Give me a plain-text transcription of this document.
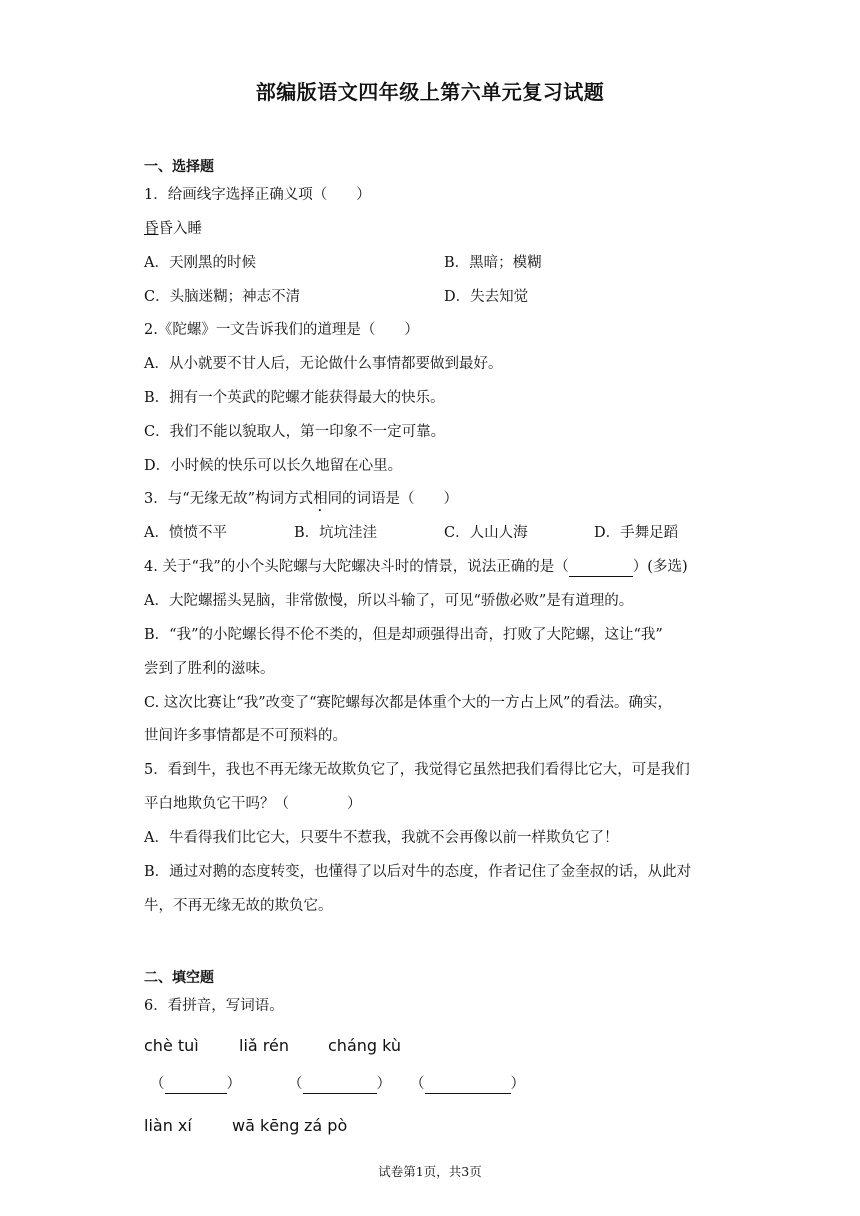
部编版语文四年级上第六单元复习试题
一、选择题
1．给画线字选择正确义项（　　）
昏昏入睡
A．天刚黑的时候	B．黑暗；模糊
C．头脑迷糊；神志不清	D．失去知觉
2.《陀螺》一文告诉我们的道理是（　　）
A．从小就要不甘人后，无论做什么事情都要做到最好。
B．拥有一个英武的陀螺才能获得最大的快乐。
C．我们不能以貌取人，第一印象不一定可靠。
D．小时候的快乐可以长久地留在心里。
3．与“无缘无故”构词方式相同的词语是（　　）
A．愤愤不平	B．坑坑洼洼	C．人山人海	D．手舞足蹈
4. 关于“我”的小个头陀螺与大陀螺决斗时的情景，说法正确的是（	）(多选)
A．大陀螺摇头晃脑，非常傲慢，所以斗输了，可见“骄傲必败”是有道理的。
B．“我”的小陀螺长得不伦不类的，但是却顽强得出奇，打败了大陀螺，这让“我”
尝到了胜利的滋味。
C. 这次比赛让“我”改变了“赛陀螺每次都是体重个大的一方占上风”的看法。确实，
世间许多事情都是不可预料的。
5．看到牛，我也不再无缘无故欺负它了，我觉得它虽然把我们看得比它大，可是我们
平白地欺负它干吗？（　　　　）
A．牛看得我们比它大，只要牛不惹我，我就不会再像以前一样欺负它了！
B．通过对鹅的态度转变，也懂得了以后对牛的态度，作者记住了金奎叔的话，从此对
牛，不再无缘无故的欺负它。
二、填空题
6．看拼音，写词语。
chè tuì	liǎ rén cháng kù
（	）	（	） （	）
liàn xí	wā kēng zá pò
试卷第1页，共3页
